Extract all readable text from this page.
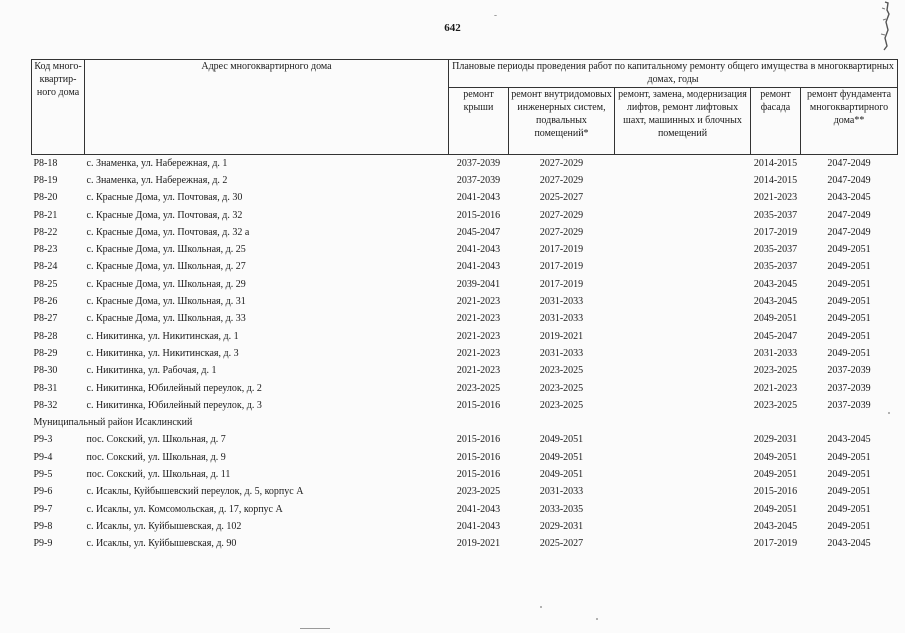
642
Код много-квартир-ного дома	Адрес многоквартирного дома	Плановые периоды проведения работ по капитальному ремонту общего имущества в многоквартирных домах, годы				
		ремонт крыши	ремонт внутридомовых инженерных систем, подвальных помещений*	ремонт, замена, модернизация лифтов, ремонт лифтовых шахт, машинных и блочных помещений	ремонт фасада	ремонт фундамента многоквартирного дома**
Р8-18	с. Знаменка, ул. Набережная, д. 1	2037-2039	2027-2029		2014-2015	2047-2049
Р8-19	с. Знаменка, ул. Набережная, д. 2	2037-2039	2027-2029		2014-2015	2047-2049
Р8-20	с. Красные Дома, ул. Почтовая, д. 30	2041-2043	2025-2027		2021-2023	2043-2045
Р8-21	с. Красные Дома, ул. Почтовая, д. 32	2015-2016	2027-2029		2035-2037	2047-2049
Р8-22	с. Красные Дома, ул. Почтовая, д. 32 а	2045-2047	2027-2029		2017-2019	2047-2049
Р8-23	с. Красные Дома, ул. Школьная, д. 25	2041-2043	2017-2019		2035-2037	2049-2051
Р8-24	с. Красные Дома, ул. Школьная, д. 27	2041-2043	2017-2019		2035-2037	2049-2051
Р8-25	с. Красные Дома, ул. Школьная, д. 29	2039-2041	2017-2019		2043-2045	2049-2051
Р8-26	с. Красные Дома, ул. Школьная, д. 31	2021-2023	2031-2033		2043-2045	2049-2051
Р8-27	с. Красные Дома, ул. Школьная, д. 33	2021-2023	2031-2033		2049-2051	2049-2051
Р8-28	с. Никитинка, ул. Никитинская, д. 1	2021-2023	2019-2021		2045-2047	2049-2051
Р8-29	с. Никитинка, ул. Никитинская, д. 3	2021-2023	2031-2033		2031-2033	2049-2051
Р8-30	с. Никитинка, ул. Рабочая, д. 1	2021-2023	2023-2025		2023-2025	2037-2039
Р8-31	с. Никитинка, Юбилейный переулок, д. 2	2023-2025	2023-2025		2021-2023	2037-2039
Р8-32	с. Никитинка, Юбилейный переулок, д. 3	2015-2016	2023-2025		2023-2025	2037-2039
Муниципальный район Исаклинский						
Р9-3	пос. Сокский, ул. Школьная, д. 7	2015-2016	2049-2051		2029-2031	2043-2045
Р9-4	пос. Сокский, ул. Школьная, д. 9	2015-2016	2049-2051		2049-2051	2049-2051
Р9-5	пос. Сокский, ул. Школьная, д. 11	2015-2016	2049-2051		2049-2051	2049-2051
Р9-6	с. Исаклы, Куйбышевский переулок, д. 5, корпус А	2023-2025	2031-2033		2015-2016	2049-2051
Р9-7	с. Исаклы, ул. Комсомольская, д. 17, корпус А	2041-2043	2033-2035		2049-2051	2049-2051
Р9-8	с. Исаклы, ул. Куйбышевская, д. 102	2041-2043	2029-2031		2043-2045	2049-2051
Р9-9	с. Исаклы, ул. Куйбышевская, д. 90	2019-2021	2025-2027		2017-2019	2043-2045
